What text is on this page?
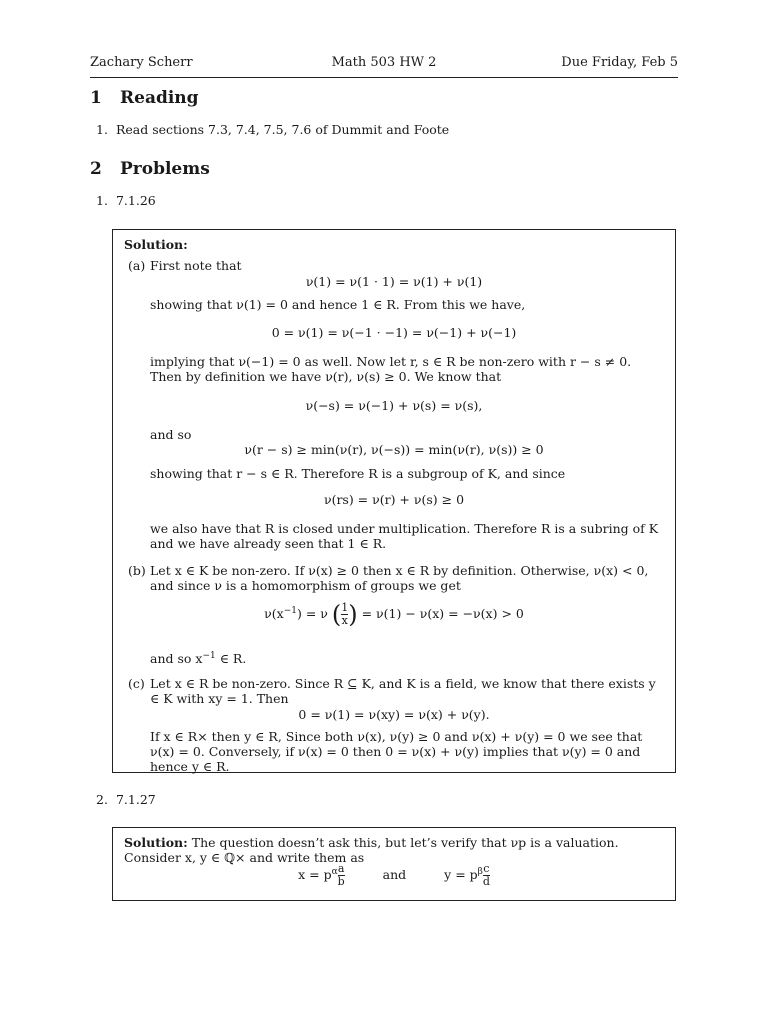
Zachary Scherr	Math 503 HW 2	Due Friday, Feb 5
1 Reading
1. Read sections 7.3, 7.4, 7.5, 7.6 of Dummit and Foote
2 Problems
1. 7.1.26
Solution:
(a) First note that
ν(1) = ν(1 · 1) = ν(1) + ν(1)
showing that ν(1) = 0 and hence 1 ∈ R. From this we have,
0 = ν(1) = ν(−1 · −1) = ν(−1) + ν(−1)
implying that ν(−1) = 0 as well. Now let r, s ∈ R be non-zero with r − s ≠ 0. Then by definition we have ν(r), ν(s) ≥ 0. We know that
ν(−s) = ν(−1) + ν(s) = ν(s),
and so
ν(r − s) ≥ min(ν(r), ν(−s)) = min(ν(r), ν(s)) ≥ 0
showing that r − s ∈ R. Therefore R is a subgroup of K, and since
ν(rs) = ν(r) + ν(s) ≥ 0
we also have that R is closed under multiplication. Therefore R is a subring of K and we have already seen that 1 ∈ R.
(b) Let x ∈ K be non-zero. If ν(x) ≥ 0 then x ∈ R by definition. Otherwise, ν(x) < 0, and since ν is a homomorphism of groups we get
$\nu(x^{-1}) = \nu$ ( $\frac{1}{x}$ ) = ν(1) − ν(x) = −ν(x) > 0
and so $x^{-1}$ ∈ R.
(c) Let x ∈ R be non-zero. Since R ⊆ K, and K is a field, we know that there exists y ∈ K with xy = 1. Then
0 = ν(1) = ν(xy) = ν(x) + ν(y).
If x ∈ R× then y ∈ R, Since both ν(x), ν(y) ≥ 0 and ν(x) + ν(y) = 0 we see that ν(x) = 0. Conversely, if ν(x) = 0 then 0 = ν(x) + ν(y) implies that ν(y) = 0 and hence y ∈ R.
2. 7.1.27
Solution: The question doesn’t ask this, but let’s verify that νp is a valuation. Consider x, y ∈ ℚ× and write them as
$x = p^\alpha \frac{a}{b}$	and	$y = p^\beta \frac{c}{d}$
